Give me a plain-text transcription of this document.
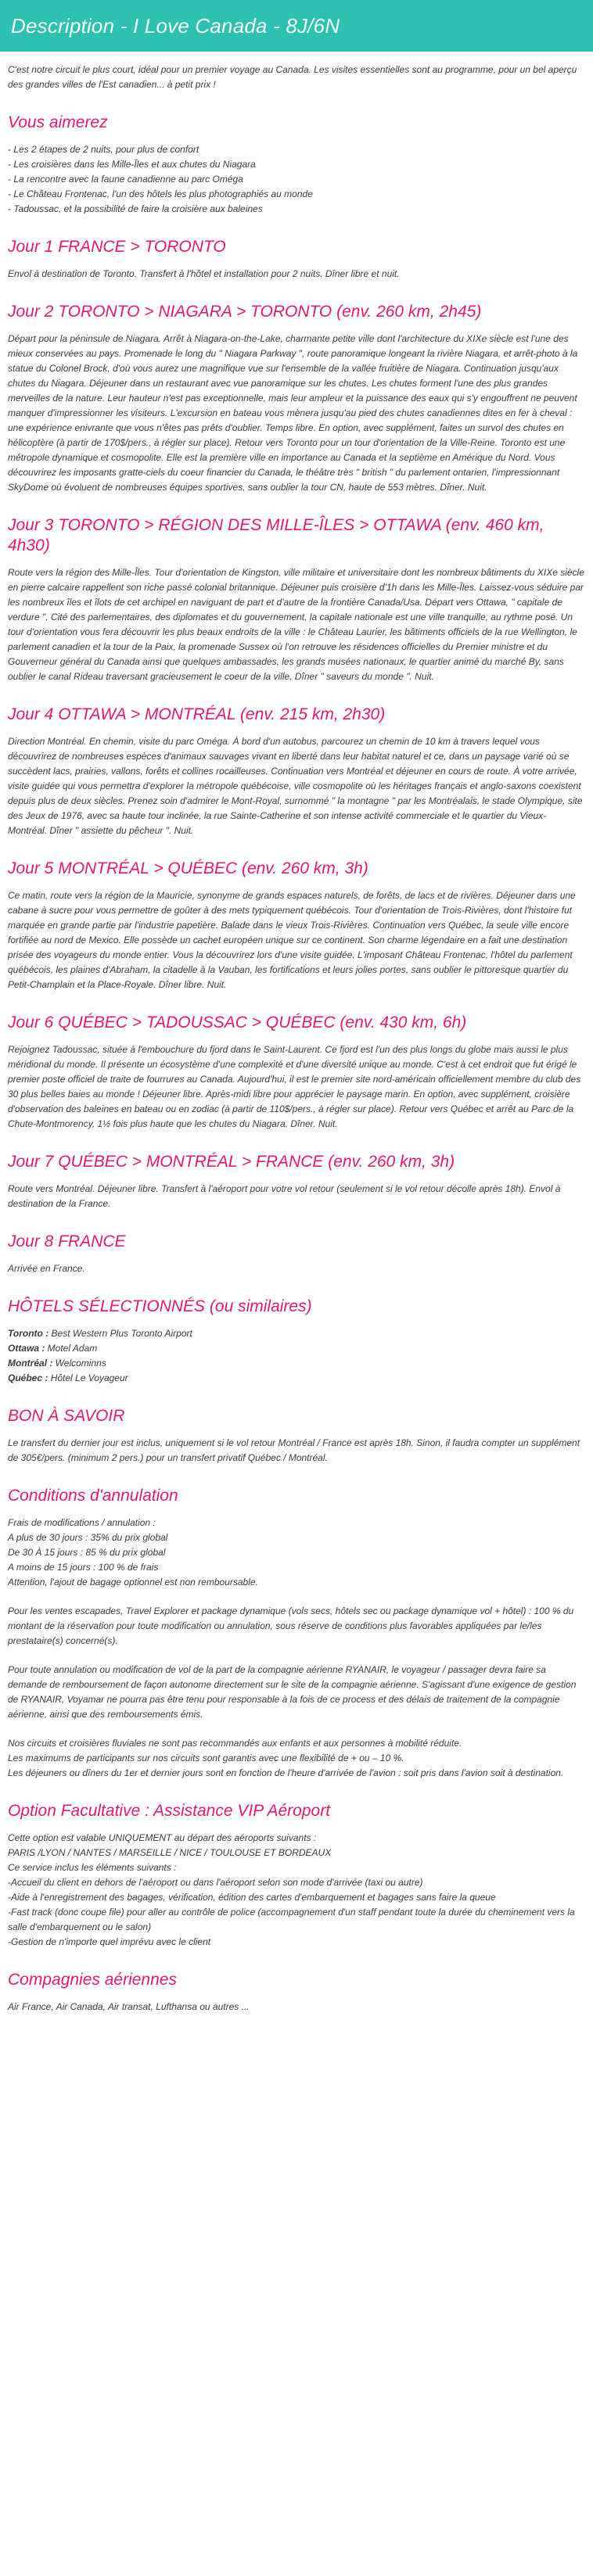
Description - I Love Canada - 8J/6N

C'est notre circuit le plus court, idéal pour un premier voyage au Canada. Les visites essentielles sont au programme, pour un bel aperçu des grandes villes de l'Est canadien... à petit prix !

Vous aimerez
- Les 2 étapes de 2 nuits, pour plus de confort
- Les croisières dans les Mille-Îles et aux chutes du Niagara
- La rencontre avec la faune canadienne au parc Oméga
- Le Château Frontenac, l'un des hôtels les plus photographiés au monde
- Tadoussac, et la possibilité de faire la croisière aux baleines
Jour 1 FRANCE > TORONTO

Envol à destination de Toronto. Transfert à l'hôtel et installation pour 2 nuits. Dîner libre et nuit.

Jour 2 TORONTO > NIAGARA > TORONTO (env. 260 km, 2h45)

Départ pour la péninsule de Niagara. Arrêt à Niagara-on-the-Lake, charmante petite ville dont l'architecture du XIXe siècle est l'une des mieux conservées au pays. Promenade le long du " Niagara Parkway ", route panoramique longeant la rivière Niagara, et arrêt-photo à la statue du Colonel Brock, d'où vous aurez une magnifique vue sur l'ensemble de la vallée fruitière de Niagara. Continuation jusqu'aux chutes du Niagara. Déjeuner dans un restaurant avec vue panoramique sur les chutes. Les chutes forment l'une des plus grandes merveilles de la nature. Leur hauteur n'est pas exceptionnelle, mais leur ampleur et la puissance des eaux qui s'y engouffrent ne peuvent manquer d'impressionner les visiteurs. L'excursion en bateau vous mènera jusqu'au pied des chutes canadiennes dites en fer à cheval : une expérience enivrante que vous n'êtes pas prêts d'oublier. Temps libre. En option, avec supplément, faites un survol des chutes en hélicoptère (à partir de 170$/pers., à régler sur place). Retour vers Toronto pour un tour d'orientation de la Ville-Reine. Toronto est une métropole dynamique et cosmopolite. Elle est la première ville en importance au Canada et la septième en Amérique du Nord. Vous découvrirez les imposants gratte-ciels du coeur financier du Canada, le théâtre très " british " du parlement ontarien, l'impressionnant SkyDome où évoluent de nombreuses équipes sportives, sans oublier la tour CN, haute de 553 mètres. Dîner. Nuit.

Jour 3 TORONTO > RÉGION DES MILLE-ÎLES > OTTAWA (env. 460 km, 4h30)

Route vers la région des Mille-Îles. Tour d'orientation de Kingston, ville militaire et universitaire dont les nombreux bâtiments du XIXe siècle en pierre calcaire rappellent son riche passé colonial britannique. Déjeuner puis croisière d'1h dans les Mille-Îles. Laissez-vous séduire par les nombreux îles et îlots de cet archipel en naviguant de part et d'autre de la frontière Canada/Usa. Départ vers Ottawa, " capitale de verdure ". Cité des parlementaires, des diplomates et du gouvernement, la capitale nationale est une ville tranquille, au rythme posé. Un tour d'orientation vous fera découvrir les plus beaux endroits de la ville : le Château Laurier, les bâtiments officiels de la rue Wellington, le parlement canadien et la tour de la Paix, la promenade Sussex où l'on retrouve les résidences officielles du Premier ministre et du Gouverneur général du Canada ainsi que quelques ambassades, les grands musées nationaux, le quartier animé du marché By, sans oublier le canal Rideau traversant gracieusement le coeur de la ville. Dîner " saveurs du monde ". Nuit.

Jour 4 OTTAWA > MONTRÉAL (env. 215 km, 2h30)

Direction Montréal. En chemin, visite du parc Oméga. À bord d'un autobus, parcourez un chemin de 10 km à travers lequel vous découvrirez de nombreuses espèces d'animaux sauvages vivant en liberté dans leur habitat naturel et ce, dans un paysage varié où se succèdent lacs, prairies, vallons, forêts et collines rocailleuses. Continuation vers Montréal et déjeuner en cours de route. À votre arrivée, visite guidée qui vous permettra d'explorer la métropole québécoise, ville cosmopolite où les héritages français et anglo-saxons coexistent depuis plus de deux siècles. Prenez soin d'admirer le Mont-Royal, surnommé " la montagne " par les Montréalais, le stade Olympique, site des Jeux de 1976, avec sa haute tour inclinée, la rue Sainte-Catherine et son intense activité commerciale et le quartier du Vieux-Montréal. Dîner " assiette du pêcheur ". Nuit.

Jour 5 MONTRÉAL > QUÉBEC (env. 260 km, 3h)

Ce matin, route vers la région de la Mauricie, synonyme de grands espaces naturels, de forêts, de lacs et de rivières. Déjeuner dans une cabane à sucre pour vous permettre de goûter à des mets typiquement québécois. Tour d'orientation de Trois-Rivières, dont l'histoire fut marquée en grande partie par l'industrie papetière. Balade dans le vieux Trois-Rivières. Continuation vers Québec, la seule ville encore fortifiée au nord de Mexico. Elle possède un cachet européen unique sur ce continent. Son charme légendaire en a fait une destination prisée des voyageurs du monde entier. Vous la découvrirez lors d'une visite guidée. L'imposant Château Frontenac, l'hôtel du parlement québécois, les plaines d'Abraham, la citadelle à la Vauban, les fortifications et leurs jolies portes, sans oublier le pittoresque quartier du Petit-Champlain et la Place-Royale. Dîner libre. Nuit.

Jour 6 QUÉBEC > TADOUSSAC > QUÉBEC (env. 430 km, 6h)

Rejoignez Tadoussac, située à l'embouchure du fjord dans le Saint-Laurent. Ce fjord est l'un des plus longs du globe mais aussi le plus méridional du monde. Il présente un écosystème d'une complexité et d'une diversité unique au monde. C'est à cet endroit que fut érigé le premier poste officiel de traite de fourrures au Canada. Aujourd'hui, il est le premier site nord-américain officiellement membre du club des 30 plus belles baies au monde ! Déjeuner libre. Après-midi libre pour apprécier le paysage marin. En option, avec supplément, croisière d'observation des baleines en bateau ou en zodiac (à partir de 110$/pers., à régler sur place). Retour vers Québec et arrêt au Parc de la Chute-Montmorency, 1½ fois plus haute que les chutes du Niagara. Dîner. Nuit.

Jour 7 QUÉBEC > MONTRÉAL > FRANCE (env. 260 km, 3h)

Route vers Montréal. Déjeuner libre. Transfert à l'aéroport pour votre vol retour (seulement si le vol retour décolle après 18h). Envol à destination de la France.

Jour 8 FRANCE

Arrivée en France.

HÔTELS SÉLECTIONNÉS (ou similaires)
Toronto : Best Western Plus Toronto Airport
Ottawa : Motel Adam
Montréal : Welcominns
Québec : Hôtel Le Voyageur
BON À SAVOIR

Le transfert du dernier jour est inclus, uniquement si le vol retour Montréal / France est après 18h. Sinon, il faudra compter un supplément de 305€/pers. (minimum 2 pers.) pour un transfert privatif Québec / Montréal.

Conditions d'annulation
Frais de modifications / annulation :
A plus de 30 jours : 35% du prix global
De 30 À 15 jours : 85 % du prix global
A moins de 15 jours : 100 % de frais
Attention, l'ajout de bagage optionnel est non remboursable.

Pour les ventes escapades, Travel Explorer et package dynamique (vols secs, hôtels sec ou package dynamique vol + hôtel) : 100 % du montant de la réservation pour toute modification ou annulation, sous réserve de conditions plus favorables appliquées par le/les prestataire(s) concerné(s).

Pour toute annulation ou modification de vol de la part de la compagnie aérienne RYANAIR, le voyageur / passager devra faire sa demande de remboursement de façon autonome directement sur le site de la compagnie aérienne. S'agissant d'une exigence de gestion de RYANAIR, Voyamar ne pourra pas être tenu pour responsable à la fois de ce process et des délais de traitement de la compagnie aérienne, ainsi que des remboursements émis.

Nos circuits et croisières fluviales ne sont pas recommandés aux enfants et aux personnes à mobilité réduite.
Les maximums de participants sur nos circuits sont garantis avec une flexibilité de + ou – 10 %.
Les déjeuners ou dîners du 1er et dernier jours sont en fonction de l'heure d'arrivée de l'avion : soit pris dans l'avion soit à destination.
Option Facultative : Assistance VIP Aéroport
Cette option est valable UNIQUEMENT au départ des aéroports suivants :
PARIS /LYON / NANTES / MARSEILLE / NICE / TOULOUSE ET BORDEAUX
Ce service inclus les éléments suivants :
-Accueil du client en dehors de l'aéroport ou dans l'aéroport selon son mode d'arrivée (taxi ou autre)
-Aide à l'enregistrement des bagages, vérification, édition des cartes d'embarquement et bagages sans faire la queue
-Fast track (donc coupe file) pour aller au contrôle de police (accompagnement d'un staff pendant toute la durée du cheminement vers la salle d'embarquement ou le salon)
-Gestion de n'importe quel imprévu avec le client
Compagnies aériennes

Air France, Air Canada, Air transat, Lufthansa ou autres ...
